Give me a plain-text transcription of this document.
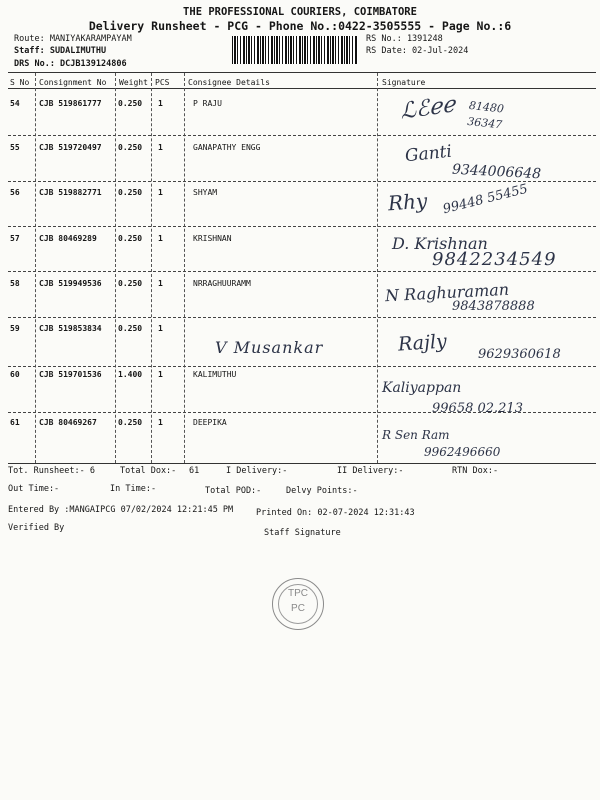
THE PROFESSIONAL COURIERS, COIMBATORE
Delivery Runsheet - PCG - Phone No.:0422-3505555 - Page No.:6
Route: MANIYAKARAMPAYAM
Staff: SUDALIMUTHU
DRS No.: DCJB139124806
RS No.: 1391248
RS Date: 02-Jul-2024
S No Consignment No Weight PCS Consignee Details	Signature
54 CJB 519861777 0.250 1	P RAJU	ℒℰℯℯ 81480 36347
55 CJB 519720497 0.250 1	GANAPATHY ENGG	Ganti
9344006648
56 CJB 519882771 0.250 1	SHYAM	Rhy 99448 55455
57 CJB 80469289	0.250 1	KRISHNAN	D. Krishnan
9842234549
58 CJB 519949536 0.250 1	NRRAGHUURAMM	N Raghuraman
9843878888
59 CJB 519853834 0.250 1
V Musankar	Rajly 9629360618
60 CJB 519701536 1.400 1	KALIMUTHU
Kaliyappan
99658 02.213
61 CJB 80469267	0.250 1	DEEPIKA
R Sen Ram
9962496660
Tot. Runsheet:- 6	Total Dox:- 61	I Delivery:-	II Delivery:-	RTN Dox:-
Out Time:-	In Time:-	Total POD:-	Delvy Points:-
Entered By :MANGAIPCG 07/02/2024 12:21:45 PM	Printed On: 02-07-2024 12:31:43
Verified By	Staff Signature
TPC
PC
